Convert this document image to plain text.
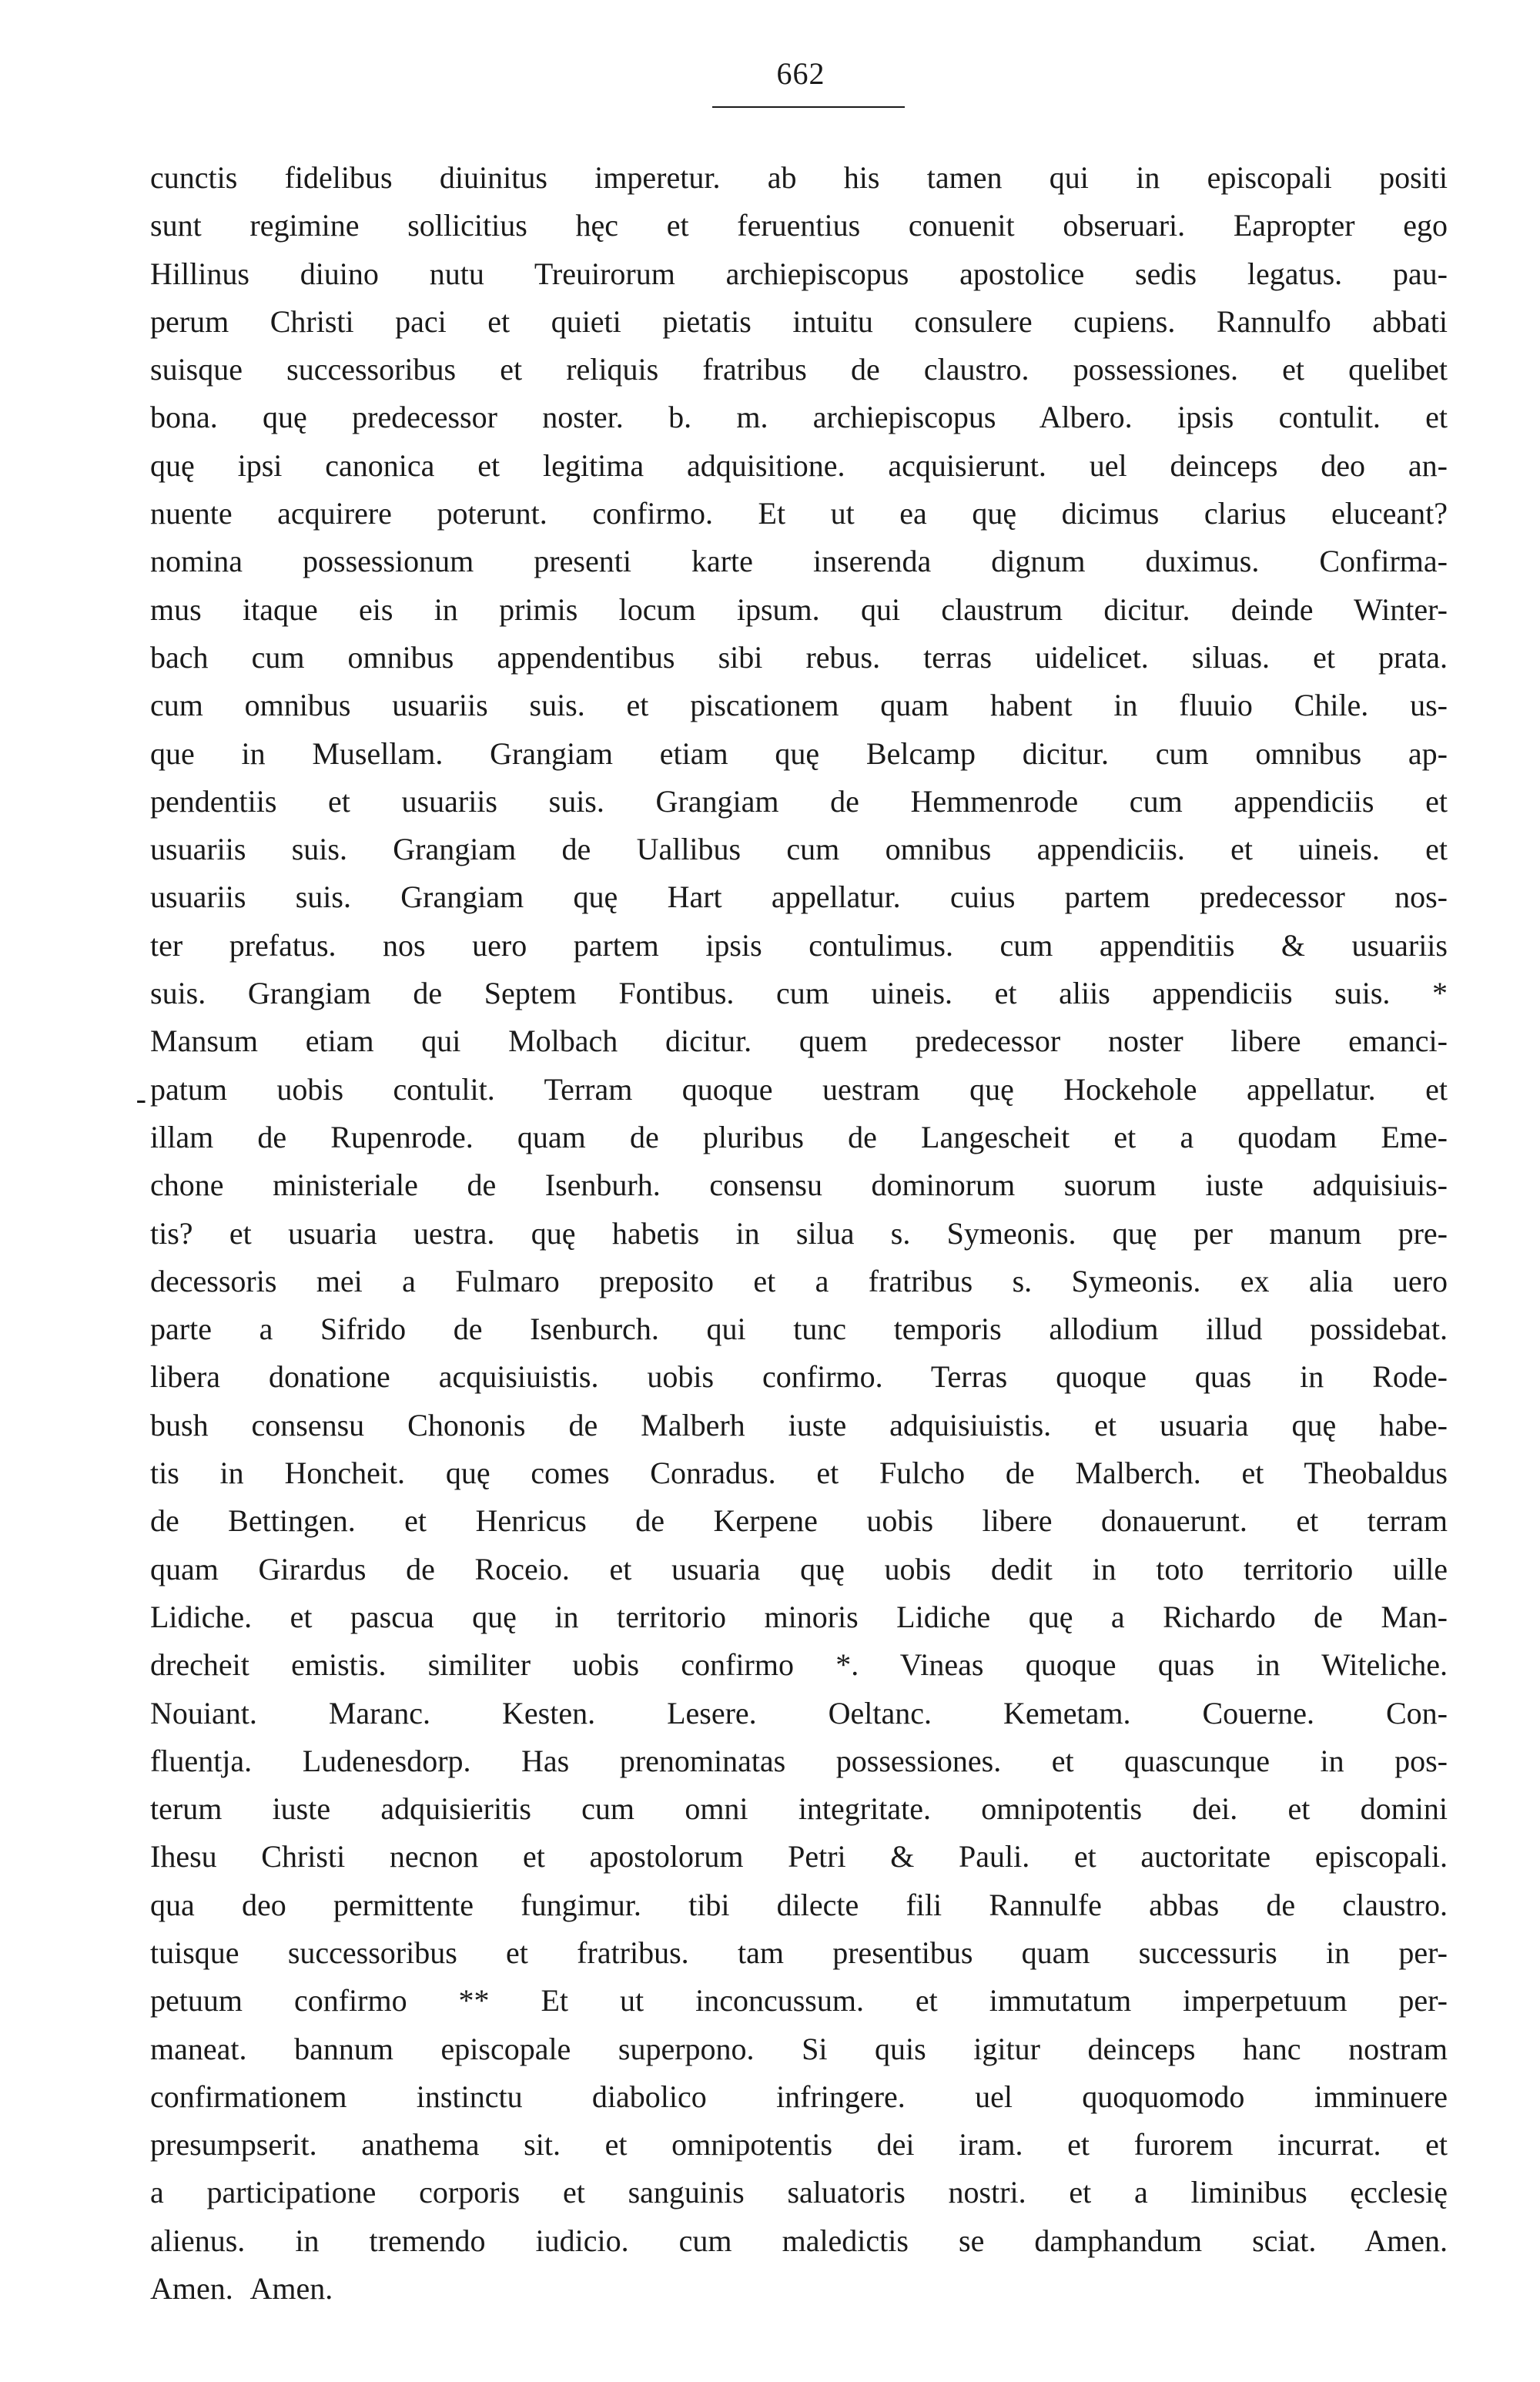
662
-
cunctis fidelibus diuinitus imperetur. ab his tamen qui in episcopali positi
sunt regimine sollicitius hęc et feruentius conuenit obseruari. Eapropter ego
Hillinus diuino nutu Treuirorum archiepiscopus apostolice sedis legatus. pau-
perum Christi paci et quieti pietatis intuitu consulere cupiens. Rannulfo abbati
suisque successoribus et reliquis fratribus de claustro. possessiones. et quelibet
bona. quę predecessor noster. b. m. archiepiscopus Albero. ipsis contulit. et
quę ipsi canonica et legitima adquisitione. acquisierunt. uel deinceps deo an-
nuente acquirere poterunt. confirmo. Et ut ea quę dicimus clarius eluceant?
nomina possessionum presenti karte inserenda dignum duximus. Confirma-
mus itaque eis in primis locum ipsum. qui claustrum dicitur. deinde Winter-
bach cum omnibus appendentibus sibi rebus. terras uidelicet. siluas. et prata.
cum omnibus usuariis suis. et piscationem quam habent in fluuio Chile. us-
que in Musellam. Grangiam etiam quę Belcamp dicitur. cum omnibus ap-
pendentiis et usuariis suis. Grangiam de Hemmenrode cum appendiciis et
usuariis suis. Grangiam de Uallibus cum omnibus appendiciis. et uineis. et
usuariis suis. Grangiam quę Hart appellatur. cuius partem predecessor nos-
ter prefatus. nos uero partem ipsis contulimus. cum appenditiis & usuariis
suis. Grangiam de Septem Fontibus. cum uineis. et aliis appendiciis suis. *
Mansum etiam qui Molbach dicitur. quem predecessor noster libere emanci-
patum uobis contulit. Terram quoque uestram quę Hockehole appellatur. et
illam de Rupenrode. quam de pluribus de Langescheit et a quodam Eme-
chone ministeriale de Isenburh. consensu dominorum suorum iuste adquisiuis-
tis? et usuaria uestra. quę habetis in silua s. Symeonis. quę per manum pre-
decessoris mei a Fulmaro preposito et a fratribus s. Symeonis. ex alia uero
parte a Sifrido de Isenburch. qui tunc temporis allodium illud possidebat.
libera donatione acquisiuistis. uobis confirmo. Terras quoque quas in Rode-
bush consensu Chononis de Malberh iuste adquisiuistis. et usuaria quę habe-
tis in Honcheit. quę comes Conradus. et Fulcho de Malberch. et Theobaldus
de Bettingen. et Henricus de Kerpene uobis libere donauerunt. et terram
quam Girardus de Roceio. et usuaria quę uobis dedit in toto territorio uille
Lidiche. et pascua quę in territorio minoris Lidiche quę a Richardo de Man-
drecheit emistis. similiter uobis confirmo *. Vineas quoque quas in Witeliche.
Nouiant. Maranc. Kesten. Lesere. Oeltanc. Kemetam. Couerne. Con-
fluentja. Ludenesdorp. Has prenominatas possessiones. et quascunque in pos-
terum iuste adquisieritis cum omni integritate. omnipotentis dei. et domini
Ihesu Christi necnon et apostolorum Petri & Pauli. et auctoritate episcopali.
qua deo permittente fungimur. tibi dilecte fili Rannulfe abbas de claustro.
tuisque successoribus et fratribus. tam presentibus quam successuris in per-
petuum confirmo ** Et ut inconcussum. et immutatum imperpetuum per-
maneat. bannum episcopale superpono. Si quis igitur deinceps hanc nostram
confirmationem instinctu diabolico infringere. uel quoquomodo imminuere
presumpserit. anathema sit. et omnipotentis dei iram. et furorem incurrat. et
a participatione corporis et sanguinis saluatoris nostri. et a liminibus ęcclesię
alienus. in tremendo iudicio. cum maledictis se damphandum sciat. Amen.
Amen. Amen.
